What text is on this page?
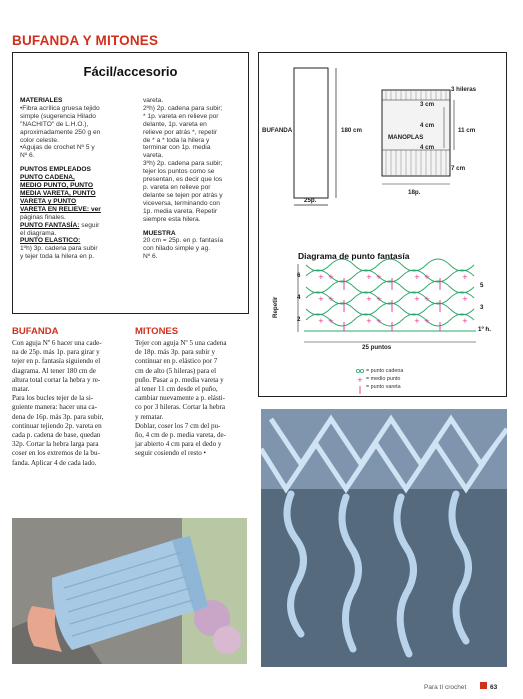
BUFANDA Y MITONES
Fácil/accesorio
MATERIALES
•Fibra acrílica gruesa tejido
simple (sugerencia Hilado
"NACHITO" de L.H.O.),
aproximadamente 250 g en
color celeste.
•Agujas de crochet Nº 5 y
Nº 6.
PUNTOS EMPLEADOS
PUNTO CADENA,
MEDIO PUNTO, PUNTO
MEDIA VARETA, PUNTO
VARETA y PUNTO
VARETA EN RELIEVE: ver
páginas finales.
PUNTO FANTASÍA: seguir
el diagrama.
PUNTO ELASTICO:
1ºh) 3p. cadena para subir
y tejer toda la hilera en p.
vareta.
2ºh) 2p. cadena para subir;
* 1p. vareta en relieve por
delante, 1p. vareta en
relieve por atrás *, repetir
de * a * toda la hilera y
terminar con 1p. media
vareta.
3ºh) 2p. cadena para subir;
tejer los puntos como se
presentan, es decir que los
p. vareta en relieve por
delante se tejen por atrás y
viceversa, terminando con
1p. media vareta. Repetir
siempre esta hilera.
MUESTRA
20 cm = 25p. en p. fantasía
con hilado simple y ag.
Nº 6.
BUFANDA
Con aguja Nº 6 hacer una cade-
na de 25p. más 1p. para girar y
tejer en p. fantasía siguiendo el
diagrama. Al tener 180 cm de
altura total cortar la hebra y re-
matar.
Para los bucles tejer de la si-
guiente manera: hacer una ca-
dena de 16p. más 3p. para subir,
continuar tejiendo 2p. vareta en
cada p. cadena de base, quedan
32p. Cortar la hebra larga para
coser en los extremos de la bu-
fanda. Aplicar 4 de cada lado.
MITONES
Tejer con aguja Nº 5 una cadena
de 18p. más 3p. para subir y
continuar en p. elástico por 7
cm de alto (5 hileras) para el
puño. Pasar a p. media vareta y
al tener 11 cm desde el puño,
cambiar nuevamente a p. elásti-
co por 3 hileras. Cortar la hebra
y rematar.
Doblar, coser los 7 cm del pu-
ño, 4 cm de p. media vareta, de-
jar abierto 4 cm para el dedo y
seguir cosiendo el resto •
+ +	+ +	+ +	+
+ +	+ +	+ +	+
+ +	+ +	+ +	+
+
BUFANDA	180 cm
25p.
3 hileras
3 cm
4 cm
MANOPLAS
11 cm
4 cm
7 cm
18p.
Diagrama de punto fantasía
6
4
2
5
3
1º h.
Repetir
25 puntos
= punto cadena
= medio punto
= punto vareta
Para tí crochet	63
